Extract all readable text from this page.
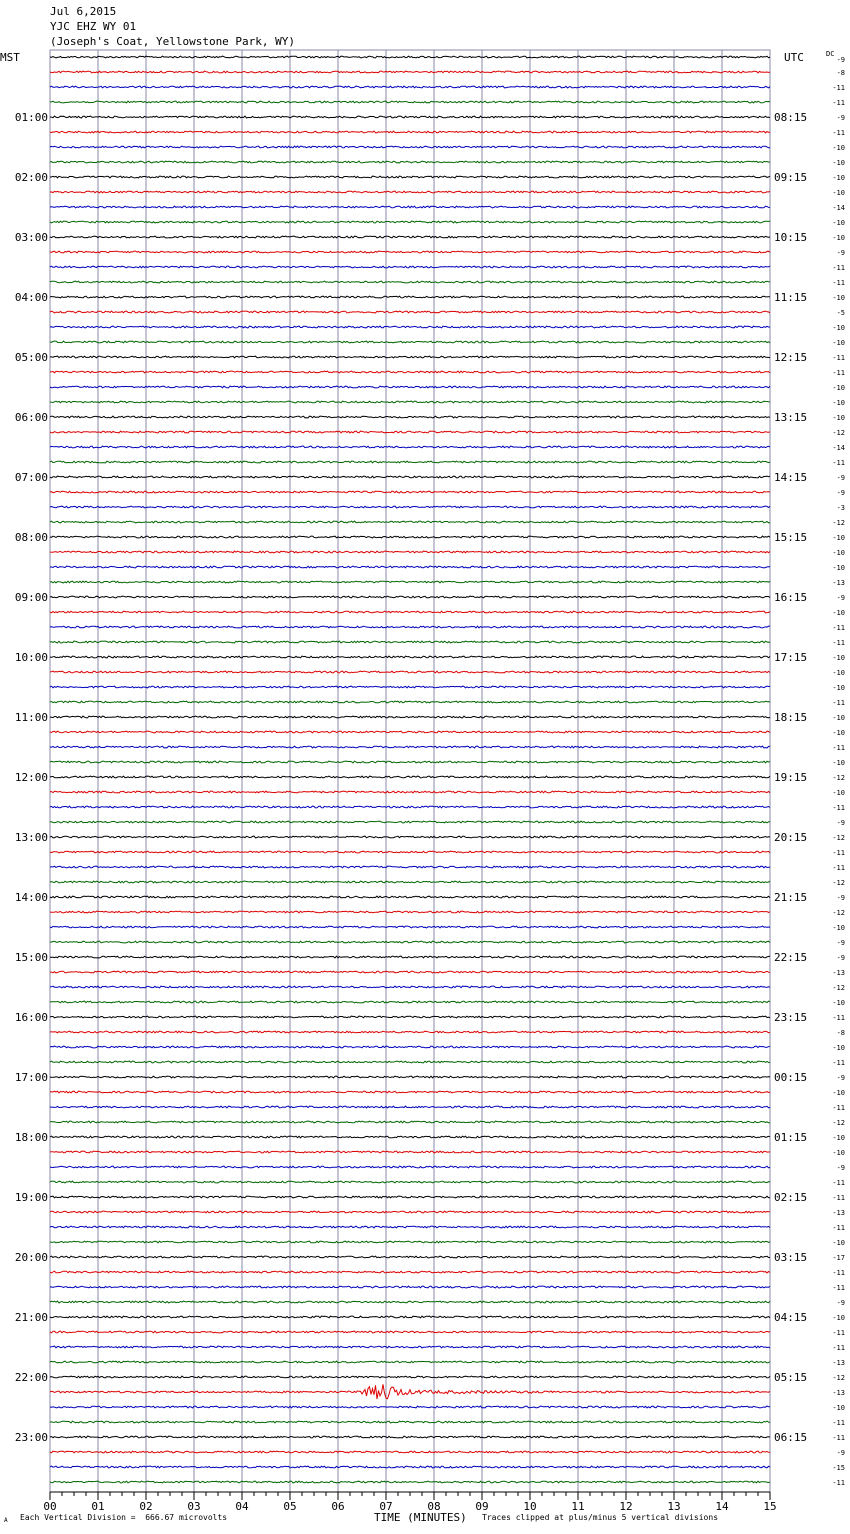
Jul 6,2015
YJC EHZ WY 01
(Joseph's Coat, Yellowstone Park, WY)
-9
-8
-11
-11
-9
-11
-10
-10
-10
-10
-14
-10
-10
-9
-11
-11
-10
-5
-10
-10
-11
-11
-10
-10
-10
-12
-14
-11
-9
-9
-3
-12
-10
-10
-10
-13
-9
-10
-11
-11
-10
-10
-10
-11
-10
-10
-11
-10
-12
-10
-11
-9
-12
-11
-11
-12
-9
-12
-10
-9
-9
-13
-12
-10
-11
-8
-10
-11
-9
-10
-11
-12
-10
-10
-9
-11
-11
-13
-11
-10
-17
-11
-11
-9
-10
-11
-11
-13
-12
-13
-10
-11
-11
-9
-15
-11
DC
MST	UTC
01:00
02:00
03:00
04:00
05:00
06:00
07:00
08:00
09:00
10:00
11:00
12:00
13:00
14:00
15:00
16:00
17:00
18:00
19:00
20:00
21:00
22:00
23:00
08:15
09:15
10:15
11:15
12:15
13:15
14:15
15:15
16:15
17:15
18:15
19:15
20:15
21:15
22:15
23:15
00:15
01:15
02:15
03:15
04:15
05:15
06:15
00	01	02	03	04	05	06	07	08	09	10	11	12	13	14	15
A Each Vertical Division =  666.67 microvolts	TIME (MINUTES) Traces clipped at plus/minus 5 vertical divisions
